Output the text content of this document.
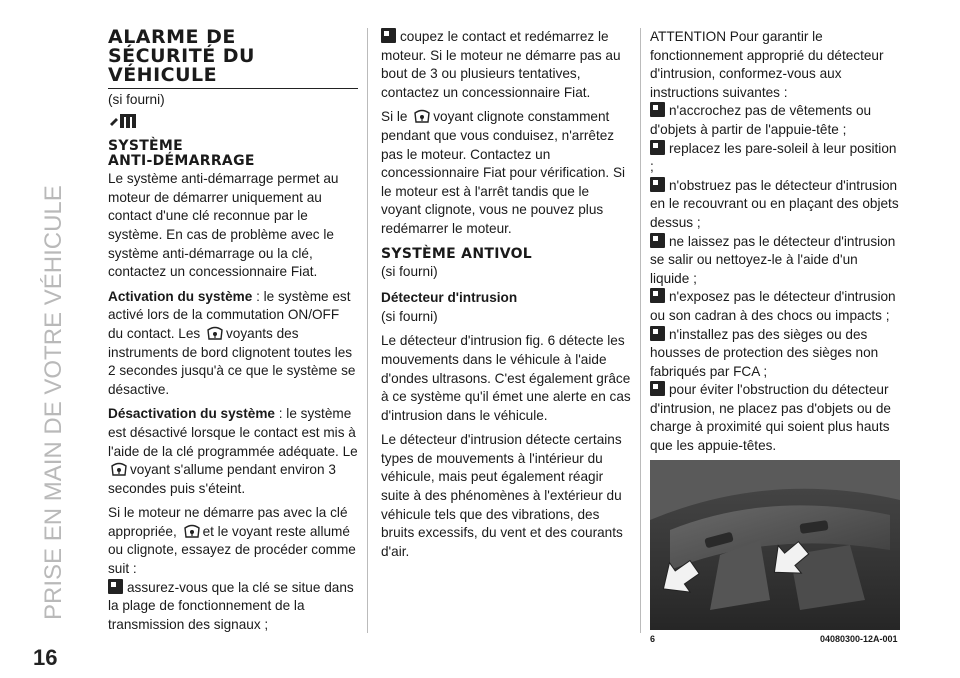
PRISE EN MAIN DE VOTRE VÉHICULE
16
ALARME DE
SÉCURITÉ DU
VÉHICULE

(si fourni)

SYSTÈME
ANTI-DÉMARRAGE

Le système anti-démarrage permet au moteur de démarrer uniquement au contact d'une clé reconnue par le système. En cas de problème avec le système anti-démarrage ou la clé, contactez un concessionnaire Fiat.

Activation du système : le système est activé lors de la commutation ON/OFF du contact. Les voyants des instruments de bord clignotent toutes les 2 secondes jusqu'à ce que le système se désactive.

Désactivation du système : le système est désactivé lorsque le contact est mis à l'aide de la clé programmée adéquate. Le
voyant s'allume pendant environ 3 secondes puis s'éteint.

Si le moteur ne démarre pas avec la clé appropriée, et le voyant reste allumé ou clignote, essayez de procéder comme suit :

assurez-vous que la clé se situe dans la plage de fonctionnement de la transmission des signaux ;

coupez le contact et redémarrez le moteur. Si le moteur ne démarre pas au bout de 3 ou plusieurs tentatives, contactez un concessionnaire Fiat.

Si le voyant clignote constamment pendant que vous conduisez, n'arrêtez pas le moteur. Contactez un concessionnaire Fiat pour vérification. Si le moteur est à l'arrêt tandis que le voyant clignote, vous ne pouvez plus redémarrer le moteur.

SYSTÈME ANTIVOL

(si fourni)

Détecteur d'intrusion

(si fourni)

Le détecteur d'intrusion fig. 6 détecte les mouvements dans le véhicule à l'aide d'ondes ultrasons. C'est également grâce à ce système qu'il émet une alerte en cas d'intrusion dans le véhicule.

Le détecteur d'intrusion détecte certains types de mouvements à l'intérieur du véhicule, mais peut également réagir suite à des phénomènes à l'extérieur du véhicule tels que des vibrations, des bruits excessifs, du vent et des courants d'air.

ATTENTION Pour garantir le fonctionnement approprié du détecteur d'intrusion, conformez-vous aux instructions suivantes :

n'accrochez pas de vêtements ou d'objets à partir de l'appuie-tête ;

replacez les pare-soleil à leur position ;

n'obstruez pas le détecteur d'intrusion en le recouvrant ou en plaçant des objets dessus ;

ne laissez pas le détecteur d'intrusion se salir ou nettoyez-le à l'aide d'un liquide ;

n'exposez pas le détecteur d'intrusion ou son cadran à des chocs ou impacts ;

n'installez pas des sièges ou des housses de protection des sièges non fabriqués par FCA ;

pour éviter l'obstruction du détecteur d'intrusion, ne placez pas d'objets ou de charge à proximité qui soient plus hauts que les appuie-têtes.

6	04080300-12A-001
